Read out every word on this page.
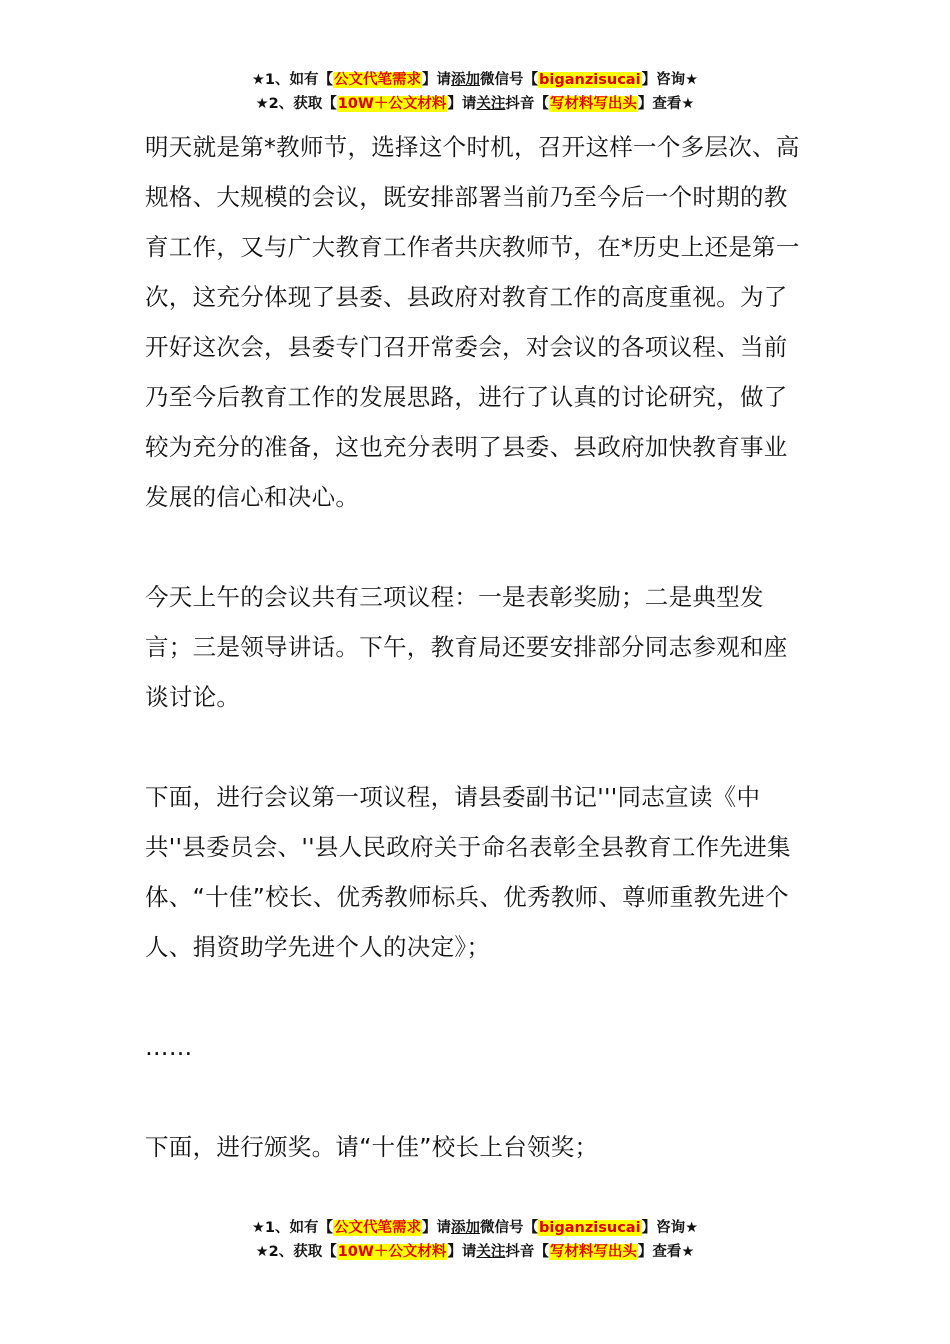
★1、如有【公文代笔需求】请添加微信号【biganzisucai】咨询★
★2、获取【10W＋公文材料】请关注抖音【写材料写出头】查看★

明天就是第*教师节，选择这个时机，召开这样一个多层次、高规格、大规模的会议，既安排部署当前乃至今后一个时期的教育工作，又与广大教育工作者共庆教师节，在*历史上还是第一次，这充分体现了县委、县政府对教育工作的高度重视。为了开好这次会，县委专门召开常委会，对会议的各项议程、当前乃至今后教育工作的发展思路，进行了认真的讨论研究，做了较为充分的准备，这也充分表明了县委、县政府加快教育事业发展的信心和决心。

今天上午的会议共有三项议程：一是表彰奖励；二是典型发言；三是领导讲话。下午，教育局还要安排部分同志参观和座谈讨论。

下面，进行会议第一项议程，请县委副书记'''同志宣读《中共''县委员会、''县人民政府关于命名表彰全县教育工作先进集体、“十佳”校长、优秀教师标兵、优秀教师、尊师重教先进个人、捐资助学先进个人的决定》；

……

下面，进行颁奖。请“十佳”校长上台领奖；

★1、如有【公文代笔需求】请添加微信号【biganzisucai】咨询★
★2、获取【10W＋公文材料】请关注抖音【写材料写出头】查看★
